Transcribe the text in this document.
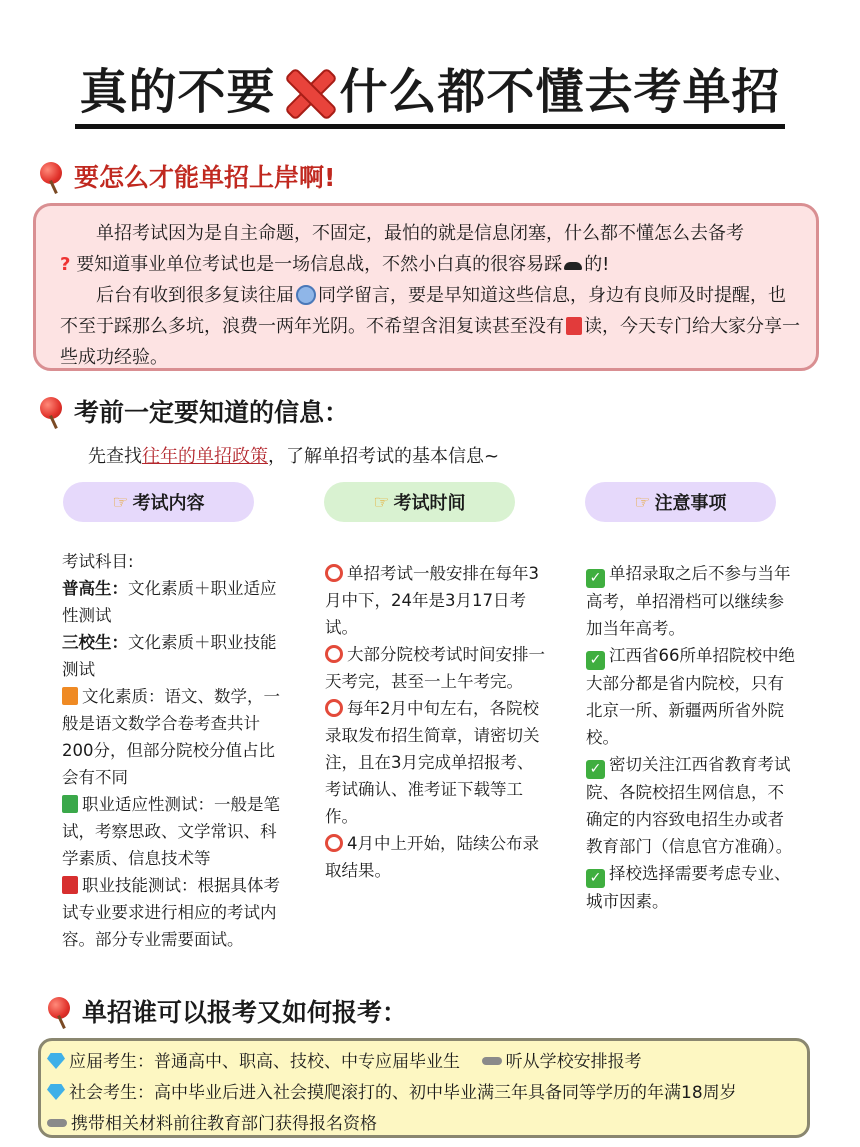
真的不要 什么都不懂去考单招
要怎么才能单招上岸啊!

单招考试因为是自主命题，不固定，最怕的就是信息闭塞，什么都不懂怎么去备考

? 要知道事业单位考试也是一场信息战，不然小白真的很容易踩 的!

后台有收到很多复读往届 同学留言，要是早知道这些信息，身边有良师及时提醒，也不至于踩那么多坑，浪费一两年光阴。不希望含泪复读甚至没有 读，今天专门给大家分享一些成功经验。

考前一定要知道的信息：
先查找往年的单招政策，了解单招考试的基本信息~
☞ 考试内容	☞ 考试时间	☞ 注意事项
考试科目:
普高生：文化素质＋职业适应性测试
三校生：文化素质＋职业技能测试
文化素质：语文、数学，一般是语文数学合卷考查共计200分，但部分院校分值占比会有不同
职业适应性测试：一般是笔试，考察思政、文学常识、科学素质、信息技术等
职业技能测试：根据具体考试专业要求进行相应的考试内容。部分专业需要面试。
单招考试一般安排在每年3月中下，24年是3月17日考试。
大部分院校考试时间安排一天考完，甚至一上午考完。
每年2月中旬左右，各院校录取发布招生简章，请密切关注，且在3月完成单招报考、考试确认、准考证下载等工作。
4月中上开始，陆续公布录取结果。
✓ 单招录取之后不参与当年高考，单招滑档可以继续参加当年高考。
✓ 江西省66所单招院校中绝大部分都是省内院校，只有北京一所、新疆两所省外院校。
✓ 密切关注江西省教育考试院、各院校招生网信息，不确定的内容致电招生办或者教育部门（信息官方准确）。
✓ 择校选择需要考虑专业、城市因素。
单招谁可以报考又如何报考：
应届考生：普通高中、职高、技校、中专应届毕业生	听从学校安排报考
社会考生：高中毕业后进入社会摸爬滚打的、初中毕业满三年具备同等学历的年满18周岁
携带相关材料前往教育部门获得报名资格
